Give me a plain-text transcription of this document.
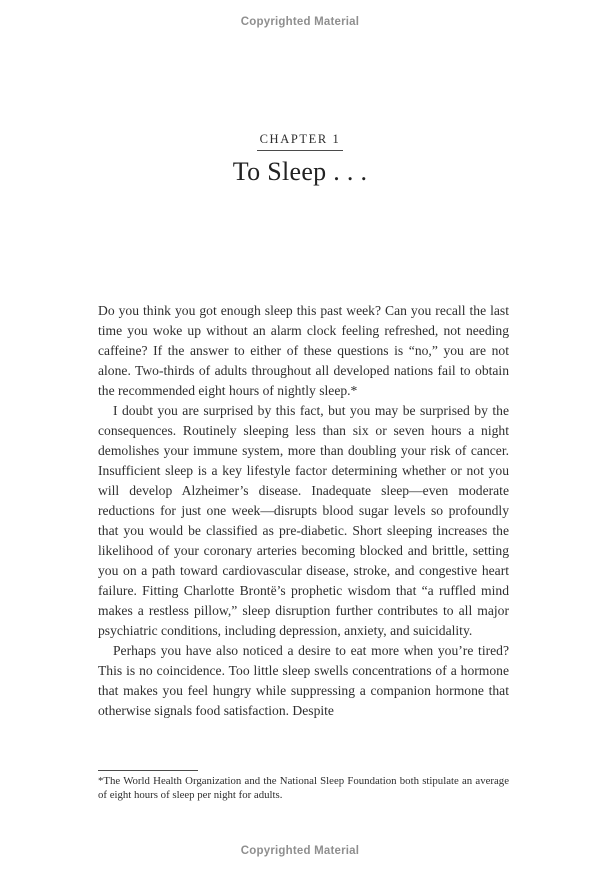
Copyrighted Material
CHAPTER 1
To Sleep . . .

Do you think you got enough sleep this past week? Can you recall the last time you woke up without an alarm clock feeling refreshed, not needing caffeine? If the answer to either of these questions is “no,” you are not alone. Two-thirds of adults throughout all developed nations fail to obtain the recommended eight hours of nightly sleep.*

I doubt you are surprised by this fact, but you may be surprised by the consequences. Routinely sleeping less than six or seven hours a night demolishes your immune system, more than doubling your risk of cancer. Insufficient sleep is a key lifestyle factor determining whether or not you will develop Alzheimer’s disease. Inadequate sleep—even moderate reductions for just one week—disrupts blood sugar levels so profoundly that you would be classified as pre-diabetic. Short sleeping increases the likelihood of your coronary arteries becoming blocked and brittle, setting you on a path toward cardiovascular disease, stroke, and congestive heart failure. Fitting Charlotte Brontë’s prophetic wisdom that “a ruffled mind makes a restless pillow,” sleep disruption further contributes to all major psychiatric conditions, including depression, anxiety, and suicidality.

Perhaps you have also noticed a desire to eat more when you’re tired? This is no coincidence. Too little sleep swells concentrations of a hormone that makes you feel hungry while suppressing a companion hormone that otherwise signals food satisfaction. Despite

*The World Health Organization and the National Sleep Foundation both stipulate an average of eight hours of sleep per night for adults.

Copyrighted Material
